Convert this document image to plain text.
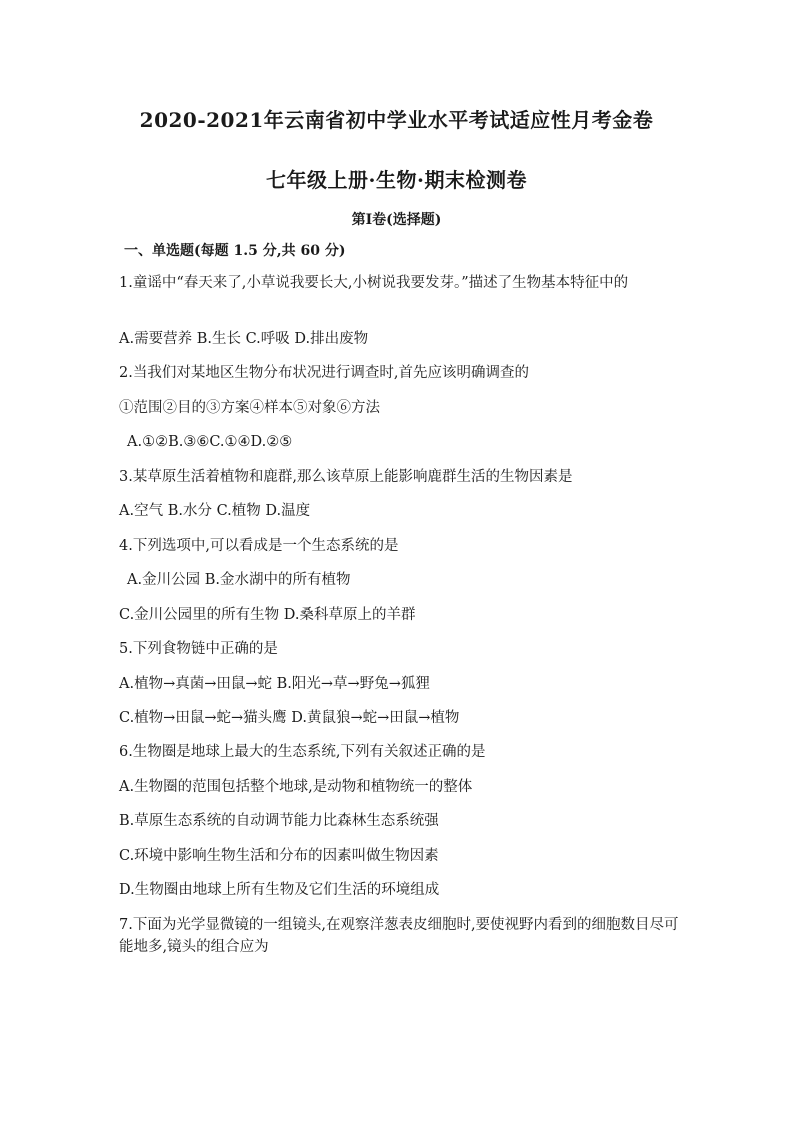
2020-2021年云南省初中学业水平考试适应性月考金卷
七年级上册·生物·期末检测卷
第Ⅰ卷(选择题)
一、单选题(每题 1.5 分,共 60 分)
1.童谣中“春天来了,小草说我要长大,小树说我要发芽。”描述了生物基本特征中的
A.需要营养 B.生长 C.呼吸 D.排出废物
2.当我们对某地区生物分布状况进行调查时,首先应该明确调查的
①范围②目的③方案④样本⑤对象⑥方法
A.①②B.③⑥C.①④D.②⑤
3.某草原生活着植物和鹿群,那么该草原上能影响鹿群生活的生物因素是
A.空气 B.水分 C.植物 D.温度
4.下列选项中,可以看成是一个生态系统的是
A.金川公园 B.金水湖中的所有植物
C.金川公园里的所有生物 D.桑科草原上的羊群
5.下列食物链中正确的是
A.植物→真菌→田鼠→蛇 B.阳光→草→野兔→狐狸
C.植物→田鼠→蛇→猫头鹰 D.黄鼠狼→蛇→田鼠→植物
6.生物圈是地球上最大的生态系统,下列有关叙述正确的是
A.生物圈的范围包括整个地球,是动物和植物统一的整体
B.草原生态系统的自动调节能力比森林生态系统强
C.环境中影响生物生活和分布的因素叫做生物因素
D.生物圈由地球上所有生物及它们生活的环境组成
7.下面为光学显微镜的一组镜头,在观察洋葱表皮细胞时,要使视野内看到的细胞数目尽可能地多,镜头的组合应为
